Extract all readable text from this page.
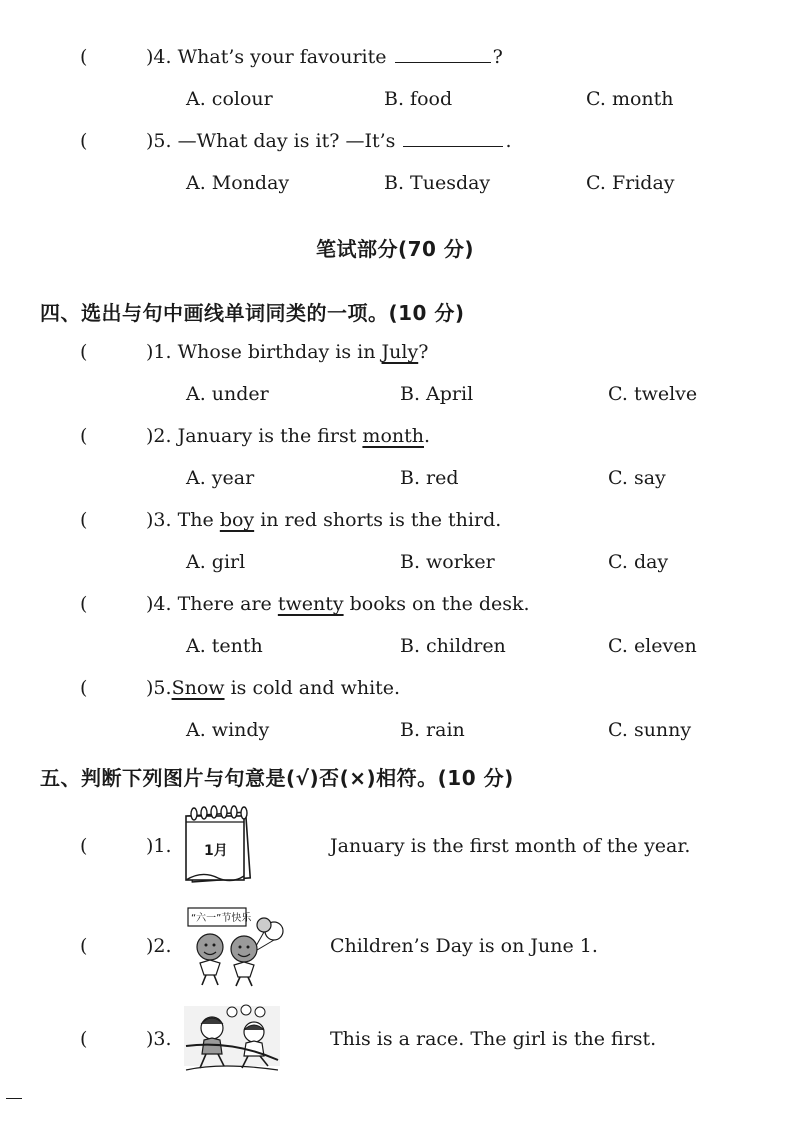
(	)4. What’s your favourite	?
A. colour	B. food	C. month
(	)5. —What day is it? —It’s	.
A. Monday	B. Tuesday	C. Friday
笔试部分(70 分)
四、选出与句中画线单词同类的一项。(10 分)
(	)1. Whose birthday is in July?
A. under	B. April	C. twelve
(	)2. January is the first month.
A. year	B. red	C. say
(	)3. The boy in red shorts is the third.
A. girl	B. worker	C. day
(	)4. There are twenty books on the desk.
A. tenth	B. children	C. eleven
(	)5.Snow is cold and white.
A. windy	B. rain	C. sunny
五、判断下列图片与句意是(√)否(×)相符。(10 分)
(	)1. 1月	January is the first month of the year.
(	)2.
“六一”节快乐
Children’s Day is on June 1.
(	)3.	This is a race. The girl is the first.
